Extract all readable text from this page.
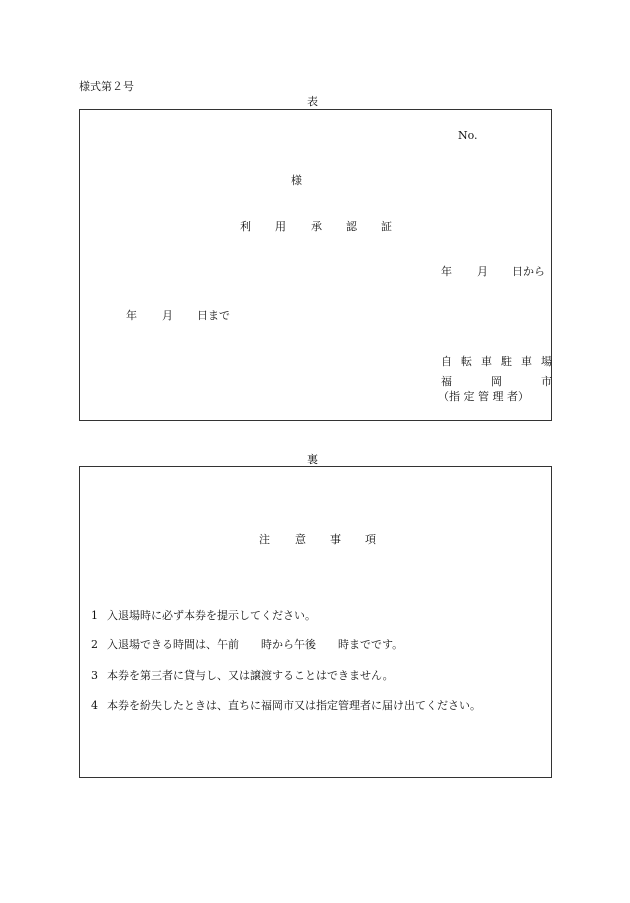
様式第２号
表
No.
様
利 用 承 認 証
年 月 日から
年 月 日まで
自 転 車 駐 車 場
福	岡	市
（指 定 管 理 者）
裏
注 意 事 項
1 入退場時に必ず本券を提示してください。
2 入退場できる時間は、午前　　時から午後　　時までです。
3 本券を第三者に貸与し、又は譲渡することはできません。
4 本券を紛失したときは、直ちに福岡市又は指定管理者に届け出てください。
